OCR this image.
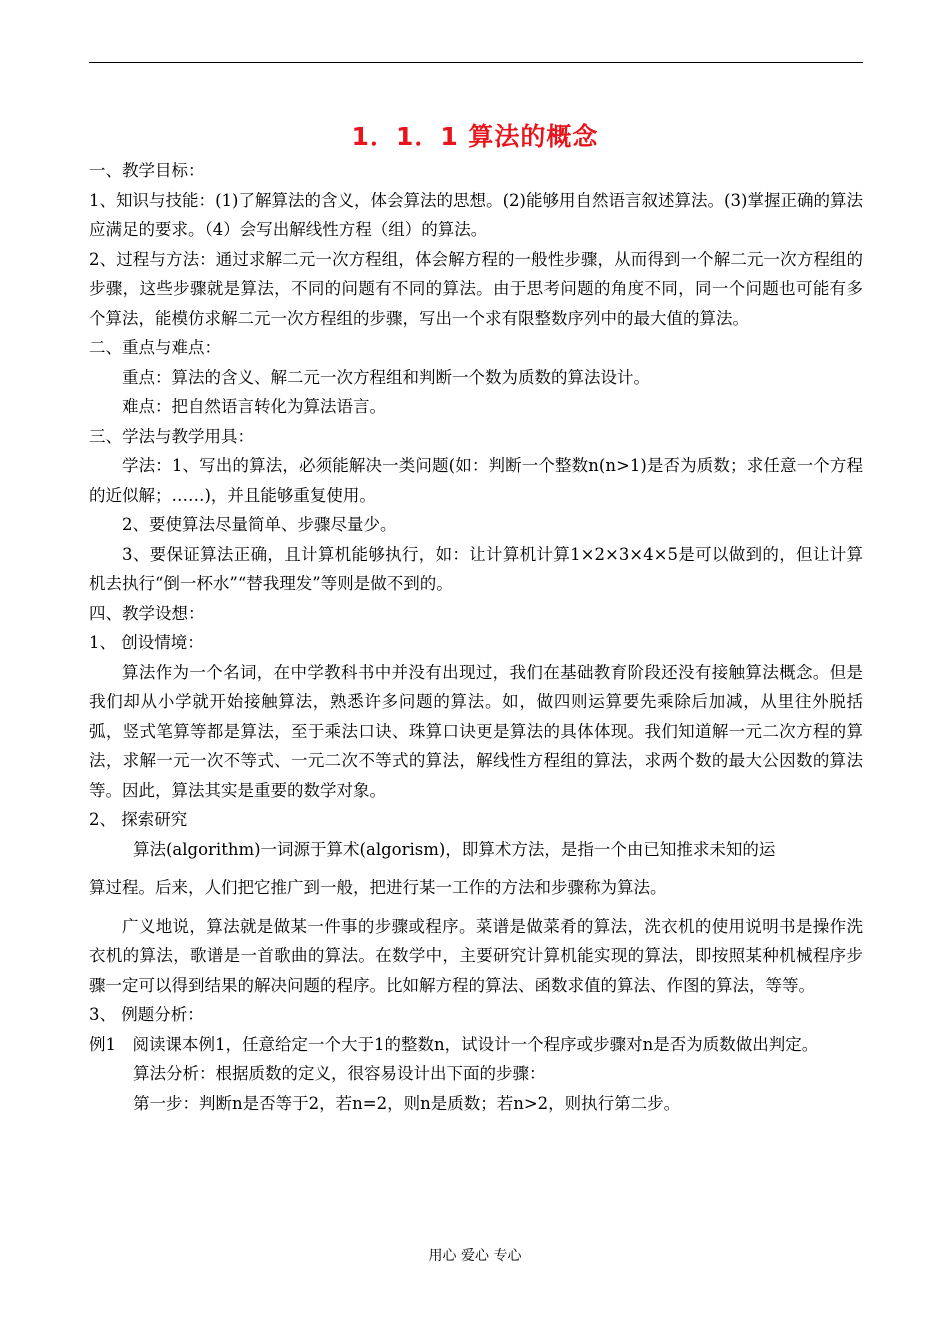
1．1．1 算法的概念

一、教学目标：

1、知识与技能：(1)了解算法的含义，体会算法的思想。(2)能够用自然语言叙述算法。(3)掌握正确的算法应满足的要求。（4）会写出解线性方程（组）的算法。

2、过程与方法：通过求解二元一次方程组，体会解方程的一般性步骤，从而得到一个解二元一次方程组的步骤，这些步骤就是算法，不同的问题有不同的算法。由于思考问题的角度不同，同一个问题也可能有多个算法，能模仿求解二元一次方程组的步骤，写出一个求有限整数序列中的最大值的算法。

二、重点与难点：

重点：算法的含义、解二元一次方程组和判断一个数为质数的算法设计。

难点：把自然语言转化为算法语言。

三、学法与教学用具：

学法：1、写出的算法，必须能解决一类问题(如：判断一个整数n(n>1)是否为质数；求任意一个方程的近似解；……)，并且能够重复使用。

2、要使算法尽量简单、步骤尽量少。

3、要保证算法正确，且计算机能够执行，如：让计算机计算1×2×3×4×5是可以做到的，但让计算机去执行“倒一杯水”“替我理发”等则是做不到的。

四、教学设想：

1、 创设情境：

算法作为一个名词，在中学教科书中并没有出现过，我们在基础教育阶段还没有接触算法概念。但是我们却从小学就开始接触算法，熟悉许多问题的算法。如，做四则运算要先乘除后加减，从里往外脱括弧，竖式笔算等都是算法，至于乘法口诀、珠算口诀更是算法的具体体现。我们知道解一元二次方程的算法，求解一元一次不等式、一元二次不等式的算法，解线性方程组的算法，求两个数的最大公因数的算法等。因此，算法其实是重要的数学对象。

2、 探索研究

算法(algorithm)一词源于算术(algorism)，即算术方法，是指一个由已知推求未知的运

算过程。后来，人们把它推广到一般，把进行某一工作的方法和步骤称为算法。

广义地说，算法就是做某一件事的步骤或程序。菜谱是做菜肴的算法，洗衣机的使用说明书是操作洗衣机的算法，歌谱是一首歌曲的算法。在数学中，主要研究计算机能实现的算法，即按照某种机械程序步骤一定可以得到结果的解决问题的程序。比如解方程的算法、函数求值的算法、作图的算法，等等。

3、 例题分析：

例1　阅读课本例1，任意给定一个大于1的整数n，试设计一个程序或步骤对n是否为质数做出判定。

算法分析：根据质数的定义，很容易设计出下面的步骤：

第一步：判断n是否等于2，若n=2，则n是质数；若n>2，则执行第二步。

用心 爱心 专心
